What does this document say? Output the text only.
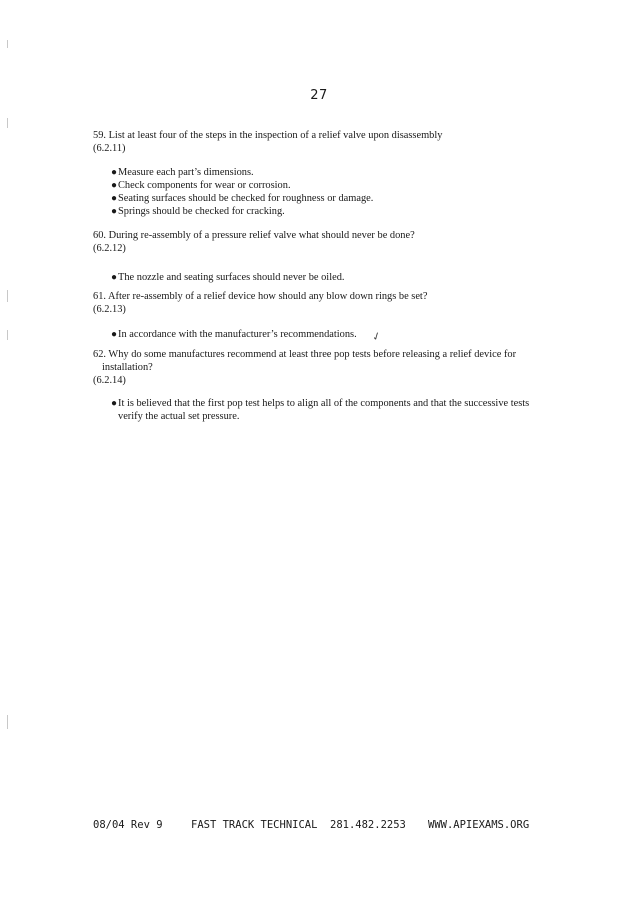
27

59. List at least four of the steps in the inspection of a relief valve upon disassembly

(6.2.11)

● Measure each part’s dimensions.
● Check components for wear or corrosion.
● Seating surfaces should be checked for roughness or damage.
● Springs should be checked for cracking.

60. During re-assembly of a pressure relief valve what should never be done?

(6.2.12)

● The nozzle and seating surfaces should never be oiled.

61. After re-assembly of a relief device how should any blow down rings be set?

(6.2.13)

● In accordance with the manufacturer’s recommendations.	✓

62. Why do some manufactures recommend at least three pop tests before releasing a relief device for
installation?

(6.2.14)

● It is believed that the first pop test helps to align all of the components and that the successive tests
verify the actual set pressure.

08/04 Rev 9

	FAST TRACK TECHNICAL

281.482.2253

WWW.APIEXAMS.ORG
